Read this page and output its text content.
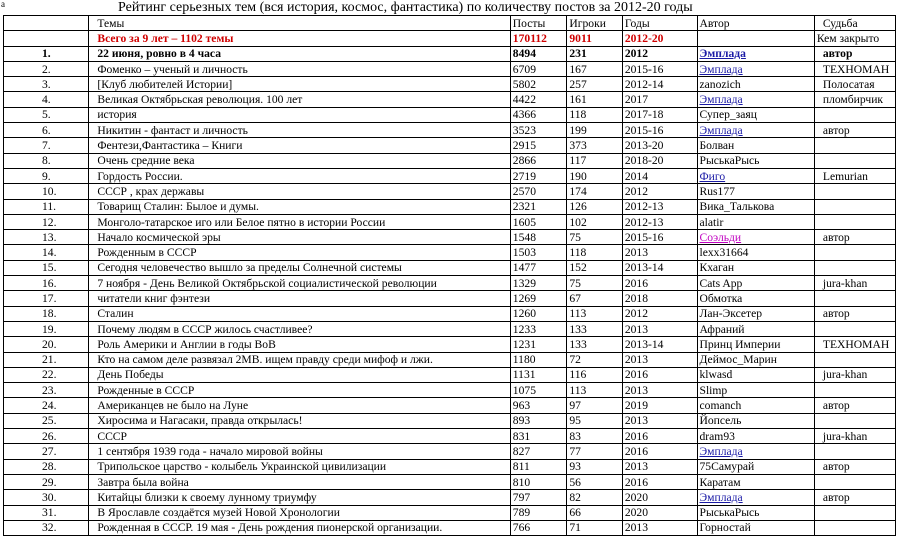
a	Рейтинг серьезных тем (вся история, космос, фантастика) по количеству постов за 2012-20 годы
	Темы	Посты	Игроки	Годы	Автор	Судьба
	Всего за 9 лет – 1102 темы	170112	9011	2012-20		Кем закрыто
1.	22 июня, ровно в 4 часа	8494	231	2012	Эмплада	автор
2.	Фоменко – ученый и личность	6709	167	2015-16	Эмплада	ТЕХНОМАН
3.	[Клуб любителей Истории]	5802	257	2012-14	zanozich	Полосатая
4.	Великая Октябрьская революция. 100 лет	4422	161	2017	Эмплада	пломбирчик
5.	история	4366	118	2017-18	Супер_заяц	
6.	Никитин - фантаст и личность	3523	199	2015-16	Эмплада	автор
7.	Фентези,Фантастика – Книги	2915	373	2013-20	Болван	
8.	Очень средние века	2866	117	2018-20	РыськаРысь	
9.	Гордость России.	2719	190	2014	Фиго	Lemurian
10.	СССР , крах державы	2570	174	2012	Rus177	
11.	Товарищ Сталин: Былое и думы.	2321	126	2012-13	Вика_Талькова	
12.	Монголо-татарское иго или Белое пятно в истории России	1605	102	2012-13	alatir	
13.	Начало космической эры	1548	75	2015-16	Соэльди	автор
14.	Рожденным в СССР	1503	118	2013	lexx31664	
15.	Сегодня человечество вышло за пределы Солнечной системы	1477	152	2013-14	Кхаган	
16.	7 ноября - День Великой Октябрьской социалистической революции	1329	75	2016	Cats App	jura-khan
17.	читатели книг фэнтези	1269	67	2018	Обмотка	
18.	Сталин	1260	113	2012	Лан-Эксетер	автор
19.	Почему людям в СССР жилось счастливее?	1233	133	2013	Афраний	
20.	Роль Америки и Англии в годы ВоВ	1231	133	2013-14	Принц Империи	ТЕХНОМАН
21.	Кто на самом деле развязал 2МВ. ищем правду среди мифоф и лжи.	1180	72	2013	Деймос_Марин	
22.	День Победы	1131	116	2016	klwasd	jura-khan
23.	Рожденные в СССР	1075	113	2013	Slimp	
24.	Американцев не было на Луне	963	97	2019	comanch	автор
25.	Хиросима и Нагасаки, правда открылась!	893	95	2013	Йопсель	
26.	СССР	831	83	2016	dram93	jura-khan
27.	1 сентября 1939 года - начало мировой войны	827	77	2016	Эмплада	
28.	Трипольское царство - колыбель Украинской цивилизации	811	93	2013	75Самурай	автор
29.	Завтра была война	810	56	2016	Каратам	
30.	Китайцы близки к своему лунному триумфу	797	82	2020	Эмплада	автор
31.	В Ярославле создаётся музей Новой Хронологии	789	66	2020	РыськаРысь	
32.	Рожденная в СССР. 19 мая - День рождения пионерской организации.	766	71	2013	Горностай	
